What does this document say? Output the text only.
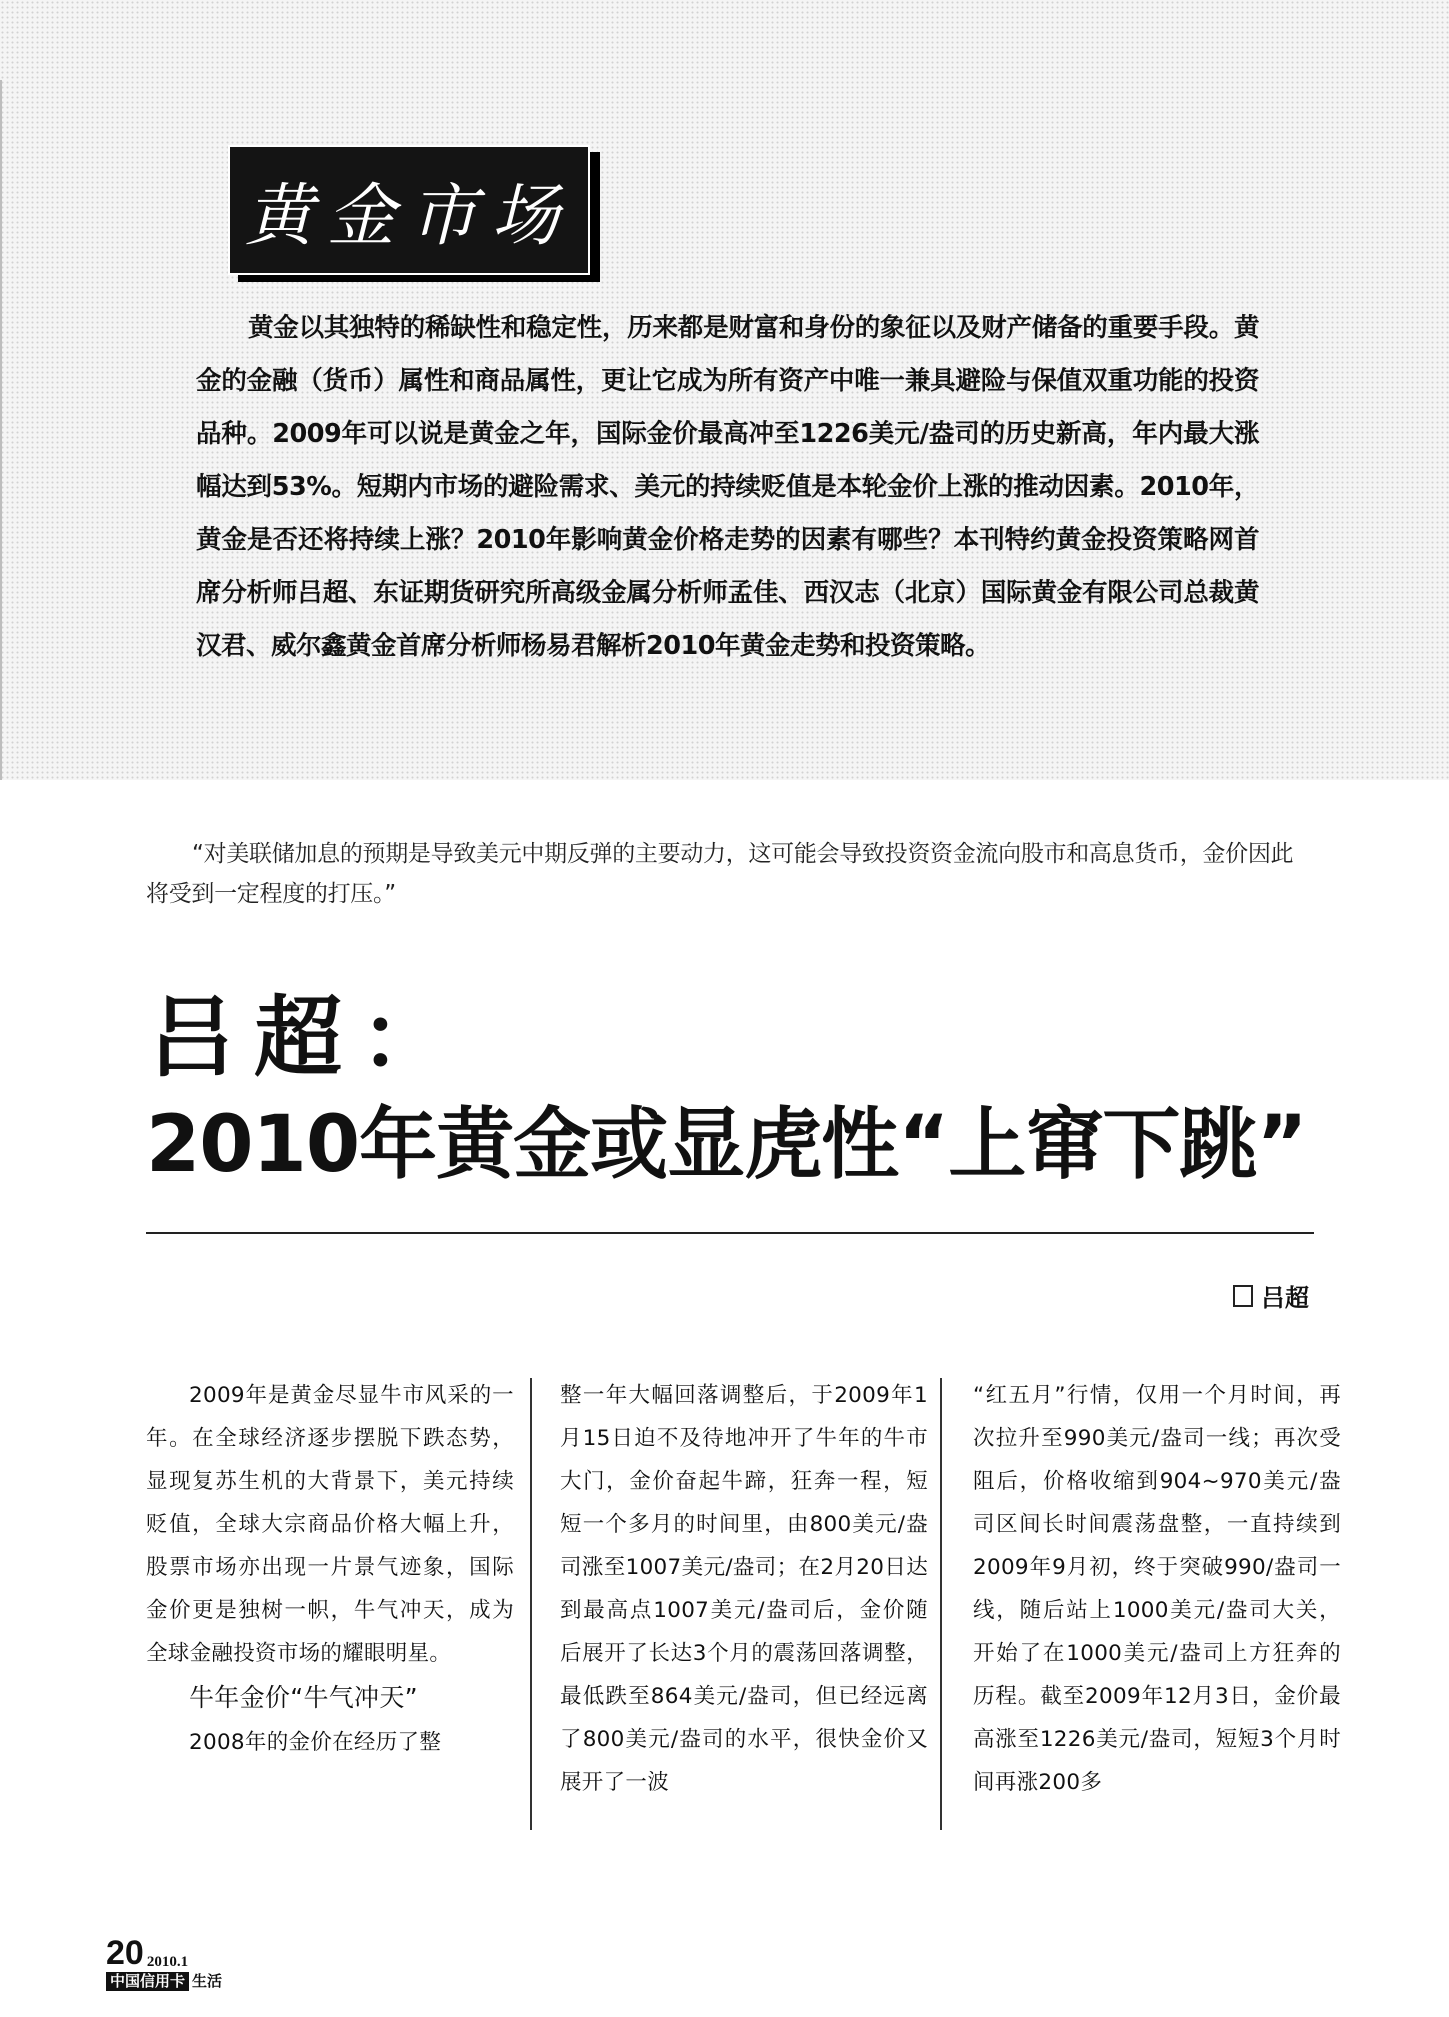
黄金市场
黄金以其独特的稀缺性和稳定性，历来都是财富和身份的象征以及财产储备的重要手段。黄金的金融（货币）属性和商品属性，更让它成为所有资产中唯一兼具避险与保值双重功能的投资品种。2009年可以说是黄金之年，国际金价最高冲至1226美元/盎司的历史新高，年内最大涨幅达到53%。短期内市场的避险需求、美元的持续贬值是本轮金价上涨的推动因素。2010年，黄金是否还将持续上涨？2010年影响黄金价格走势的因素有哪些？本刊特约黄金投资策略网首席分析师吕超、东证期货研究所高级金属分析师孟佳、西汉志（北京）国际黄金有限公司总裁黄汉君、威尔鑫黄金首席分析师杨易君解析2010年黄金走势和投资策略。
“对美联储加息的预期是导致美元中期反弹的主要动力，这可能会导致投资资金流向股市和高息货币，金价因此将受到一定程度的打压。”
吕超：
2010年黄金或显虎性“上窜下跳”
吕超

2009年是黄金尽显牛市风采的一年。在全球经济逐步摆脱下跌态势，显现复苏生机的大背景下，美元持续贬值，全球大宗商品价格大幅上升，股票市场亦出现一片景气迹象，国际金价更是独树一帜，牛气冲天，成为全球金融投资市场的耀眼明星。

牛年金价“牛气冲天”

2008年的金价在经历了整

整一年大幅回落调整后，于2009年1月15日迫不及待地冲开了牛年的牛市大门，金价奋起牛蹄，狂奔一程，短短一个多月的时间里，由800美元/盎司涨至1007美元/盎司；在2月20日达到最高点1007美元/盎司后，金价随后展开了长达3个月的震荡回落调整，最低跌至864美元/盎司，但已经远离了800美元/盎司的水平，很快金价又展开了一波

“红五月”行情，仅用一个月时间，再次拉升至990美元/盎司一线；再次受阻后，价格收缩到904~970美元/盎司区间长时间震荡盘整，一直持续到2009年9月初，终于突破990/盎司一线，随后站上1000美元/盎司大关，开始了在1000美元/盎司上方狂奔的历程。截至2009年12月3日，金价最高涨至1226美元/盎司，短短3个月时间再涨200多

20 2010.1
中国信用卡 生活
